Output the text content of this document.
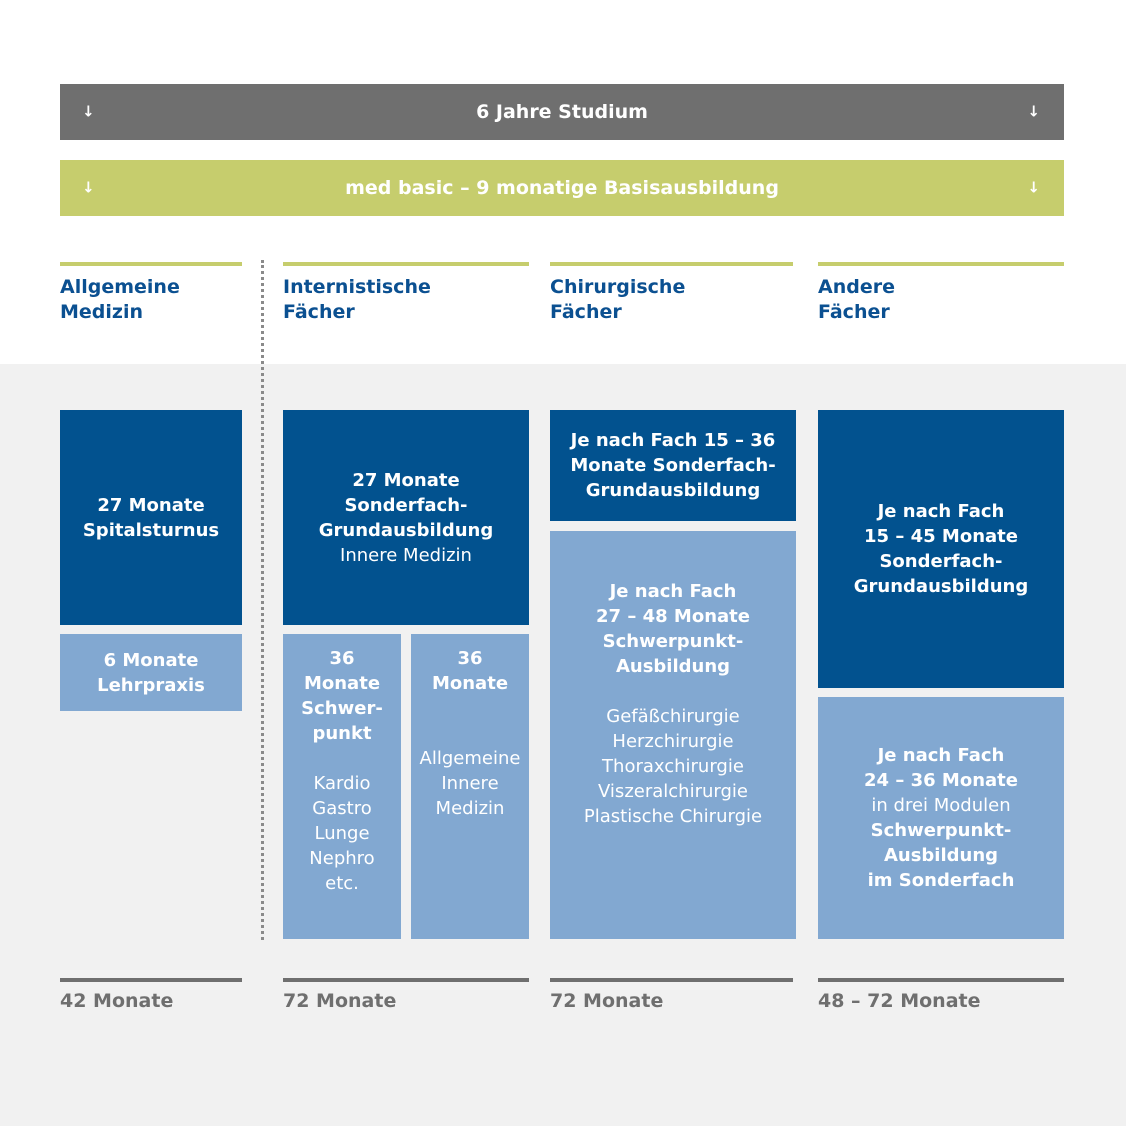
↓	6 Jahre Studium	↓
↓	med basic – 9 monatige Basisausbildung	↓
Allgemeine
Medizin
Internistische
Fächer
Chirurgische
Fächer
Andere
Fächer
27 Monate
Spitalsturnus
6 Monate
Lehrpraxis
27 Monate
Sonderfach-
Grundausbildung
Innere Medizin
36
Monate
Schwer-
punkt
Kardio
Gastro
Lunge
Nephro
etc.
36
Monate
Allgemeine
Innere
Medizin
Je nach Fach 15 – 36
Monate Sonderfach-
Grundausbildung
Je nach Fach
27 – 48 Monate
Schwerpunkt-
Ausbildung
Gefäßchirurgie
Herzchirurgie
Thoraxchirurgie
Viszeralchirurgie
Plastische Chirurgie
Je nach Fach
15 – 45 Monate
Sonderfach-
Grundausbildung
Je nach Fach
24 – 36 Monate
in drei Modulen
Schwerpunkt-
Ausbildung
im Sonderfach
42 Monate	72 Monate	72 Monate	48 – 72 Monate
